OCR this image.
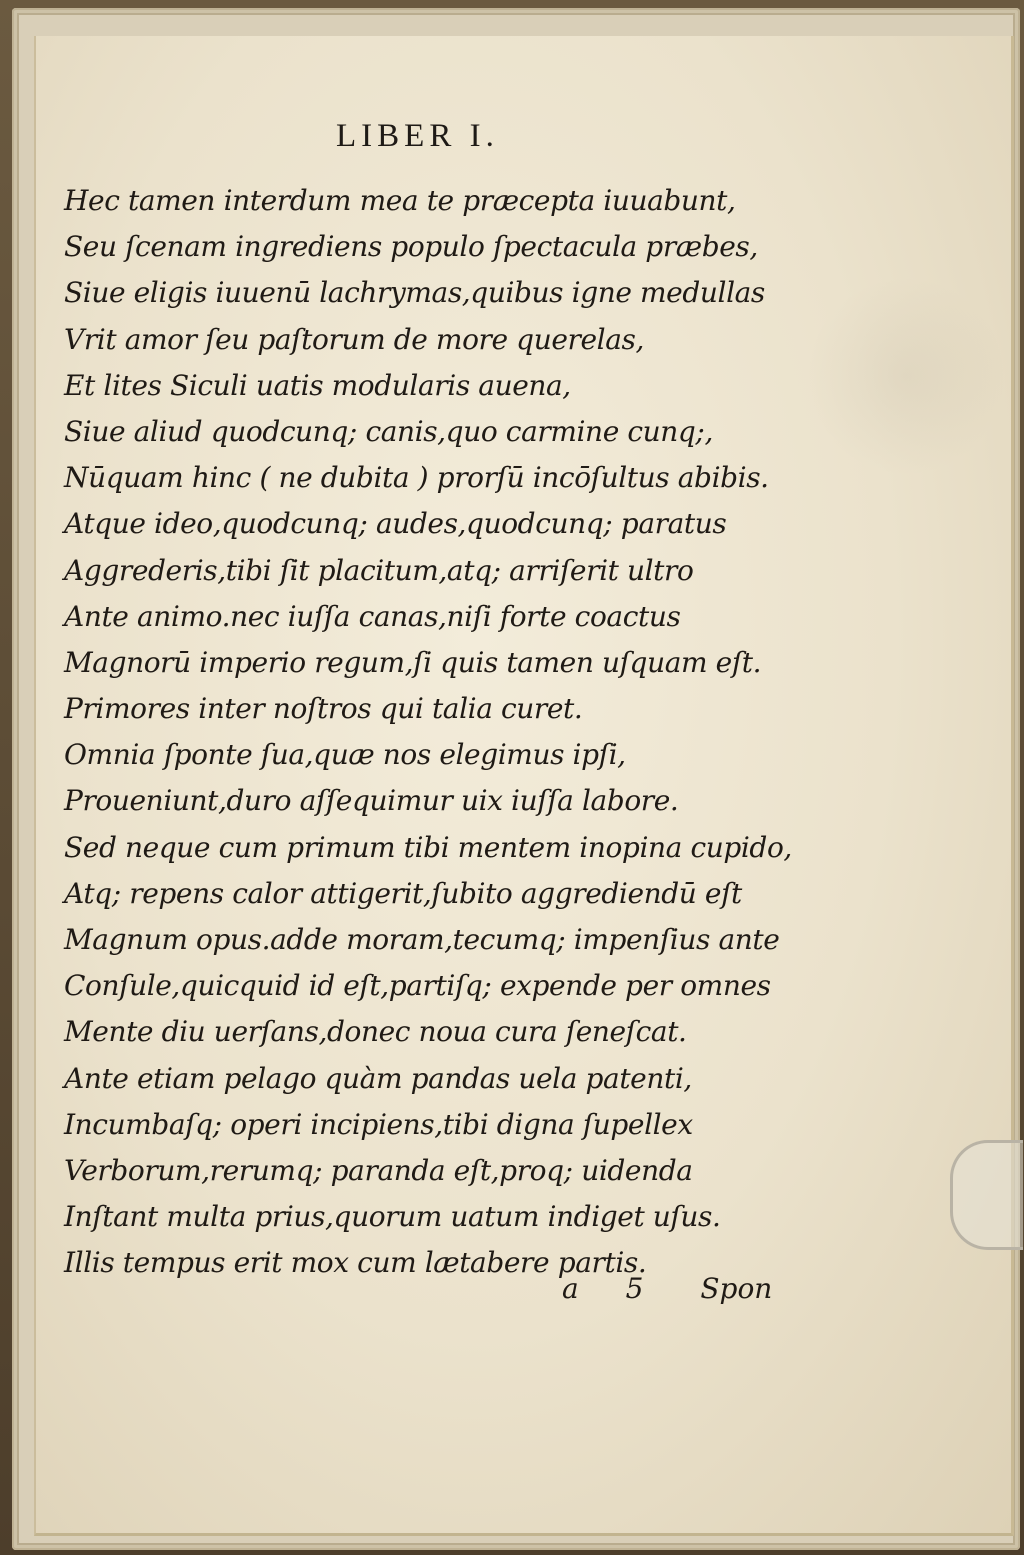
LIBER I.
Hec tamen interdum mea te præcepta iuuabunt,
Seu ſcenam ingrediens populo ſpectacula præbes,
Siue eligis iuuenū lachrymas,quibus igne medullas
Vrit amor ſeu paſtorum de more querelas,
Et lites Siculi uatis modularis auena,
Siue aliud quodcunq; canis,quo carmine cunq;,
Nūquam hinc ( ne dubita ) prorſū incōſultus abibis.
Atque ideo,quodcunq; audes,quodcunq; paratus
Aggrederis,tibi ſit placitum,atq; arriſerit ultro
Ante animo.nec iuſſa canas,niſi forte coactus
Magnorū imperio regum,ſi quis tamen uſquam eſt.
Primores inter noſtros qui talia curet.
Omnia ſponte ſua,quæ nos elegimus ipſi,
Proueniunt,duro aſſequimur uix iuſſa labore.
Sed neque cum primum tibi mentem inopina cupido,
Atq; repens calor attigerit,ſubito aggrediendū eſt
Magnum opus.adde moram,tecumq; impenſius ante
Conſule,quicquid id eſt,partiſq; expende per omnes
Mente diu uerſans,donec noua cura ſeneſcat.
Ante etiam pelago quàm pandas uela patenti,
Incumbaſq; operi incipiens,tibi digna ſupellex
Verborum,rerumq; paranda eſt,proq; uidenda
Inſtant multa prius,quorum uatum indiget uſus.
Illis tempus erit mox cum lætabere partis.
a 5 Spon
